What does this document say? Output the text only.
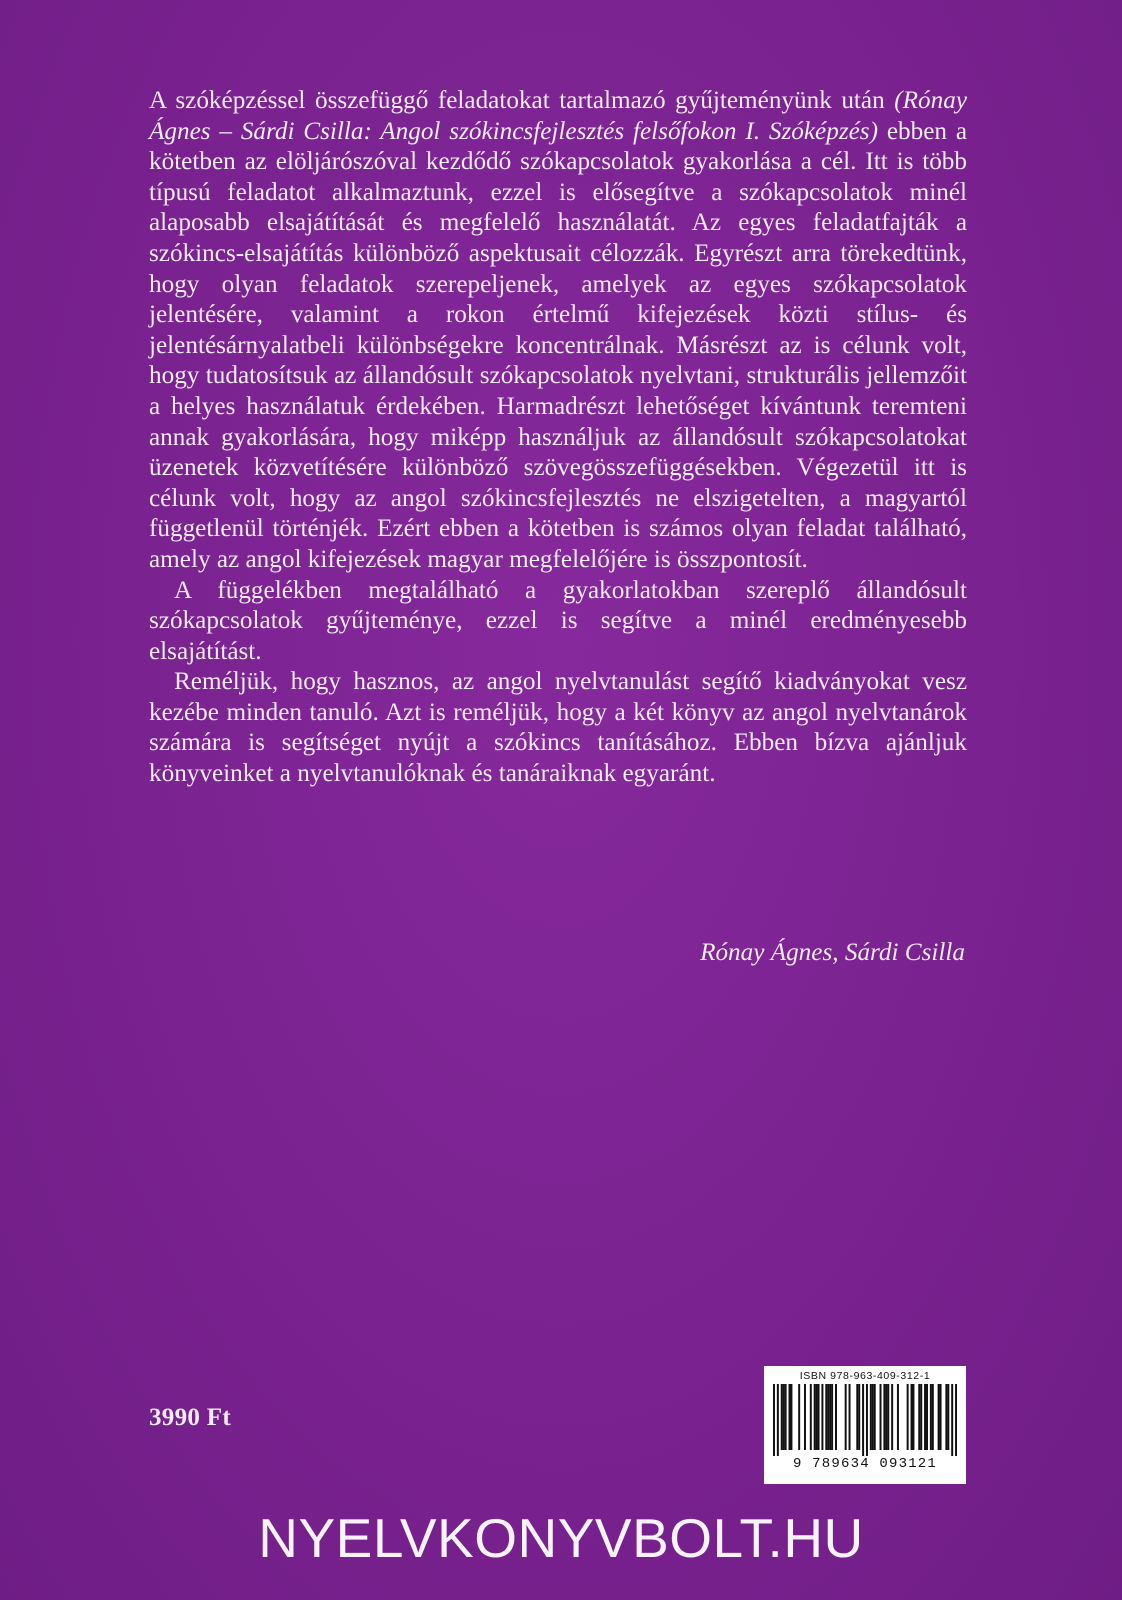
A szóképzéssel összefüggő feladatokat tartalmazó gyűjteményünk után (Rónay Ágnes – Sárdi Csilla: Angol szókincsfejlesztés felsőfokon I. Szóképzés) ebben a kötetben az elöljárószóval kezdődő szókapcsolatok gyakorlása a cél. Itt is több típusú feladatot alkalmaztunk, ezzel is elősegítve a szókapcsolatok minél alaposabb elsajátítását és megfelelő használatát. Az egyes feladatfajták a szókincs-elsajátítás különböző aspektusait célozzák. Egyrészt arra törekedtünk, hogy olyan feladatok szerepeljenek, amelyek az egyes szókapcsolatok jelentésére, valamint a rokon értelmű kifejezések közti stílus- és jelentésárnyalatbeli különbségekre koncentrálnak. Másrészt az is célunk volt, hogy tudatosítsuk az állandósult szókapcsolatok nyelvtani, strukturális jellemzőit a helyes használatuk érdekében. Harmadrészt lehetőséget kívántunk teremteni annak gyakorlására, hogy miképp használjuk az állandósult szókapcsolatokat üzenetek közvetítésére különböző szövegösszefüggésekben. Végezetül itt is célunk volt, hogy az angol szókincsfejlesztés ne elszigetelten, a magyartól függetlenül történjék. Ezért ebben a kötetben is számos olyan feladat található, amely az angol kifejezések magyar megfelelőjére is összpontosít.

A függelékben megtalálható a gyakorlatokban szereplő állandósult szókapcsolatok gyűjteménye, ezzel is segítve a minél eredményesebb elsajátítást.

Reméljük, hogy hasznos, az angol nyelvtanulást segítő kiadványokat vesz kezébe minden tanuló. Azt is reméljük, hogy a két könyv az angol nyelvtanárok számára is segítséget nyújt a szókincs tanításához. Ebben bízva ajánljuk könyveinket a nyelvtanulóknak és tanáraiknak egyaránt.

Rónay Ágnes, Sárdi Csilla
3990 Ft
ISBN 978-963-409-312-1
9 789634 093121
NYELVKONYVBOLT.HU
